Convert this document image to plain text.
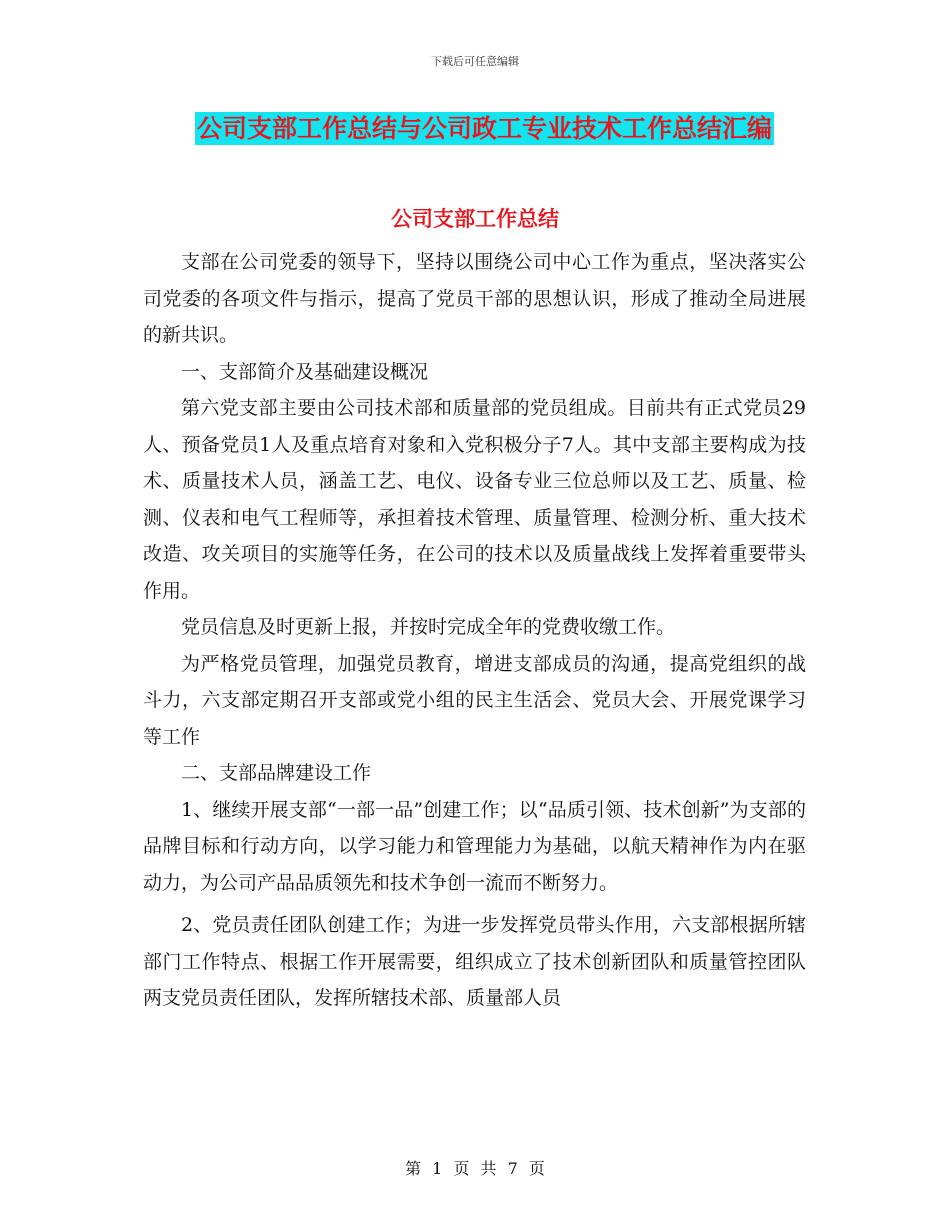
下载后可任意编辑
公司支部工作总结与公司政工专业技术工作总结汇编
公司支部工作总结

支部在公司党委的领导下，坚持以围绕公司中心工作为重点，坚决落实公司党委的各项文件与指示，提高了党员干部的思想认识，形成了推动全局进展的新共识。

一、支部简介及基础建设概况

第六党支部主要由公司技术部和质量部的党员组成。目前共有正式党员29人、预备党员1人及重点培育对象和入党积极分子7人。其中支部主要构成为技术、质量技术人员，涵盖工艺、电仪、设备专业三位总师以及工艺、质量、检测、仪表和电气工程师等，承担着技术管理、质量管理、检测分析、重大技术改造、攻关项目的实施等任务，在公司的技术以及质量战线上发挥着重要带头作用。

党员信息及时更新上报，并按时完成全年的党费收缴工作。

为严格党员管理，加强党员教育，增进支部成员的沟通，提高党组织的战斗力，六支部定期召开支部或党小组的民主生活会、党员大会、开展党课学习等工作

二、支部品牌建设工作

1、继续开展支部“一部一品”创建工作；以“品质引领、技术创新”为支部的品牌目标和行动方向，以学习能力和管理能力为基础，以航天精神作为内在驱动力，为公司产品品质领先和技术争创一流而不断努力。

2、党员责任团队创建工作；为进一步发挥党员带头作用，六支部根据所辖部门工作特点、根据工作开展需要，组织成立了技术创新团队和质量管控团队两支党员责任团队，发挥所辖技术部、质量部人员

第 1 页 共 7 页
